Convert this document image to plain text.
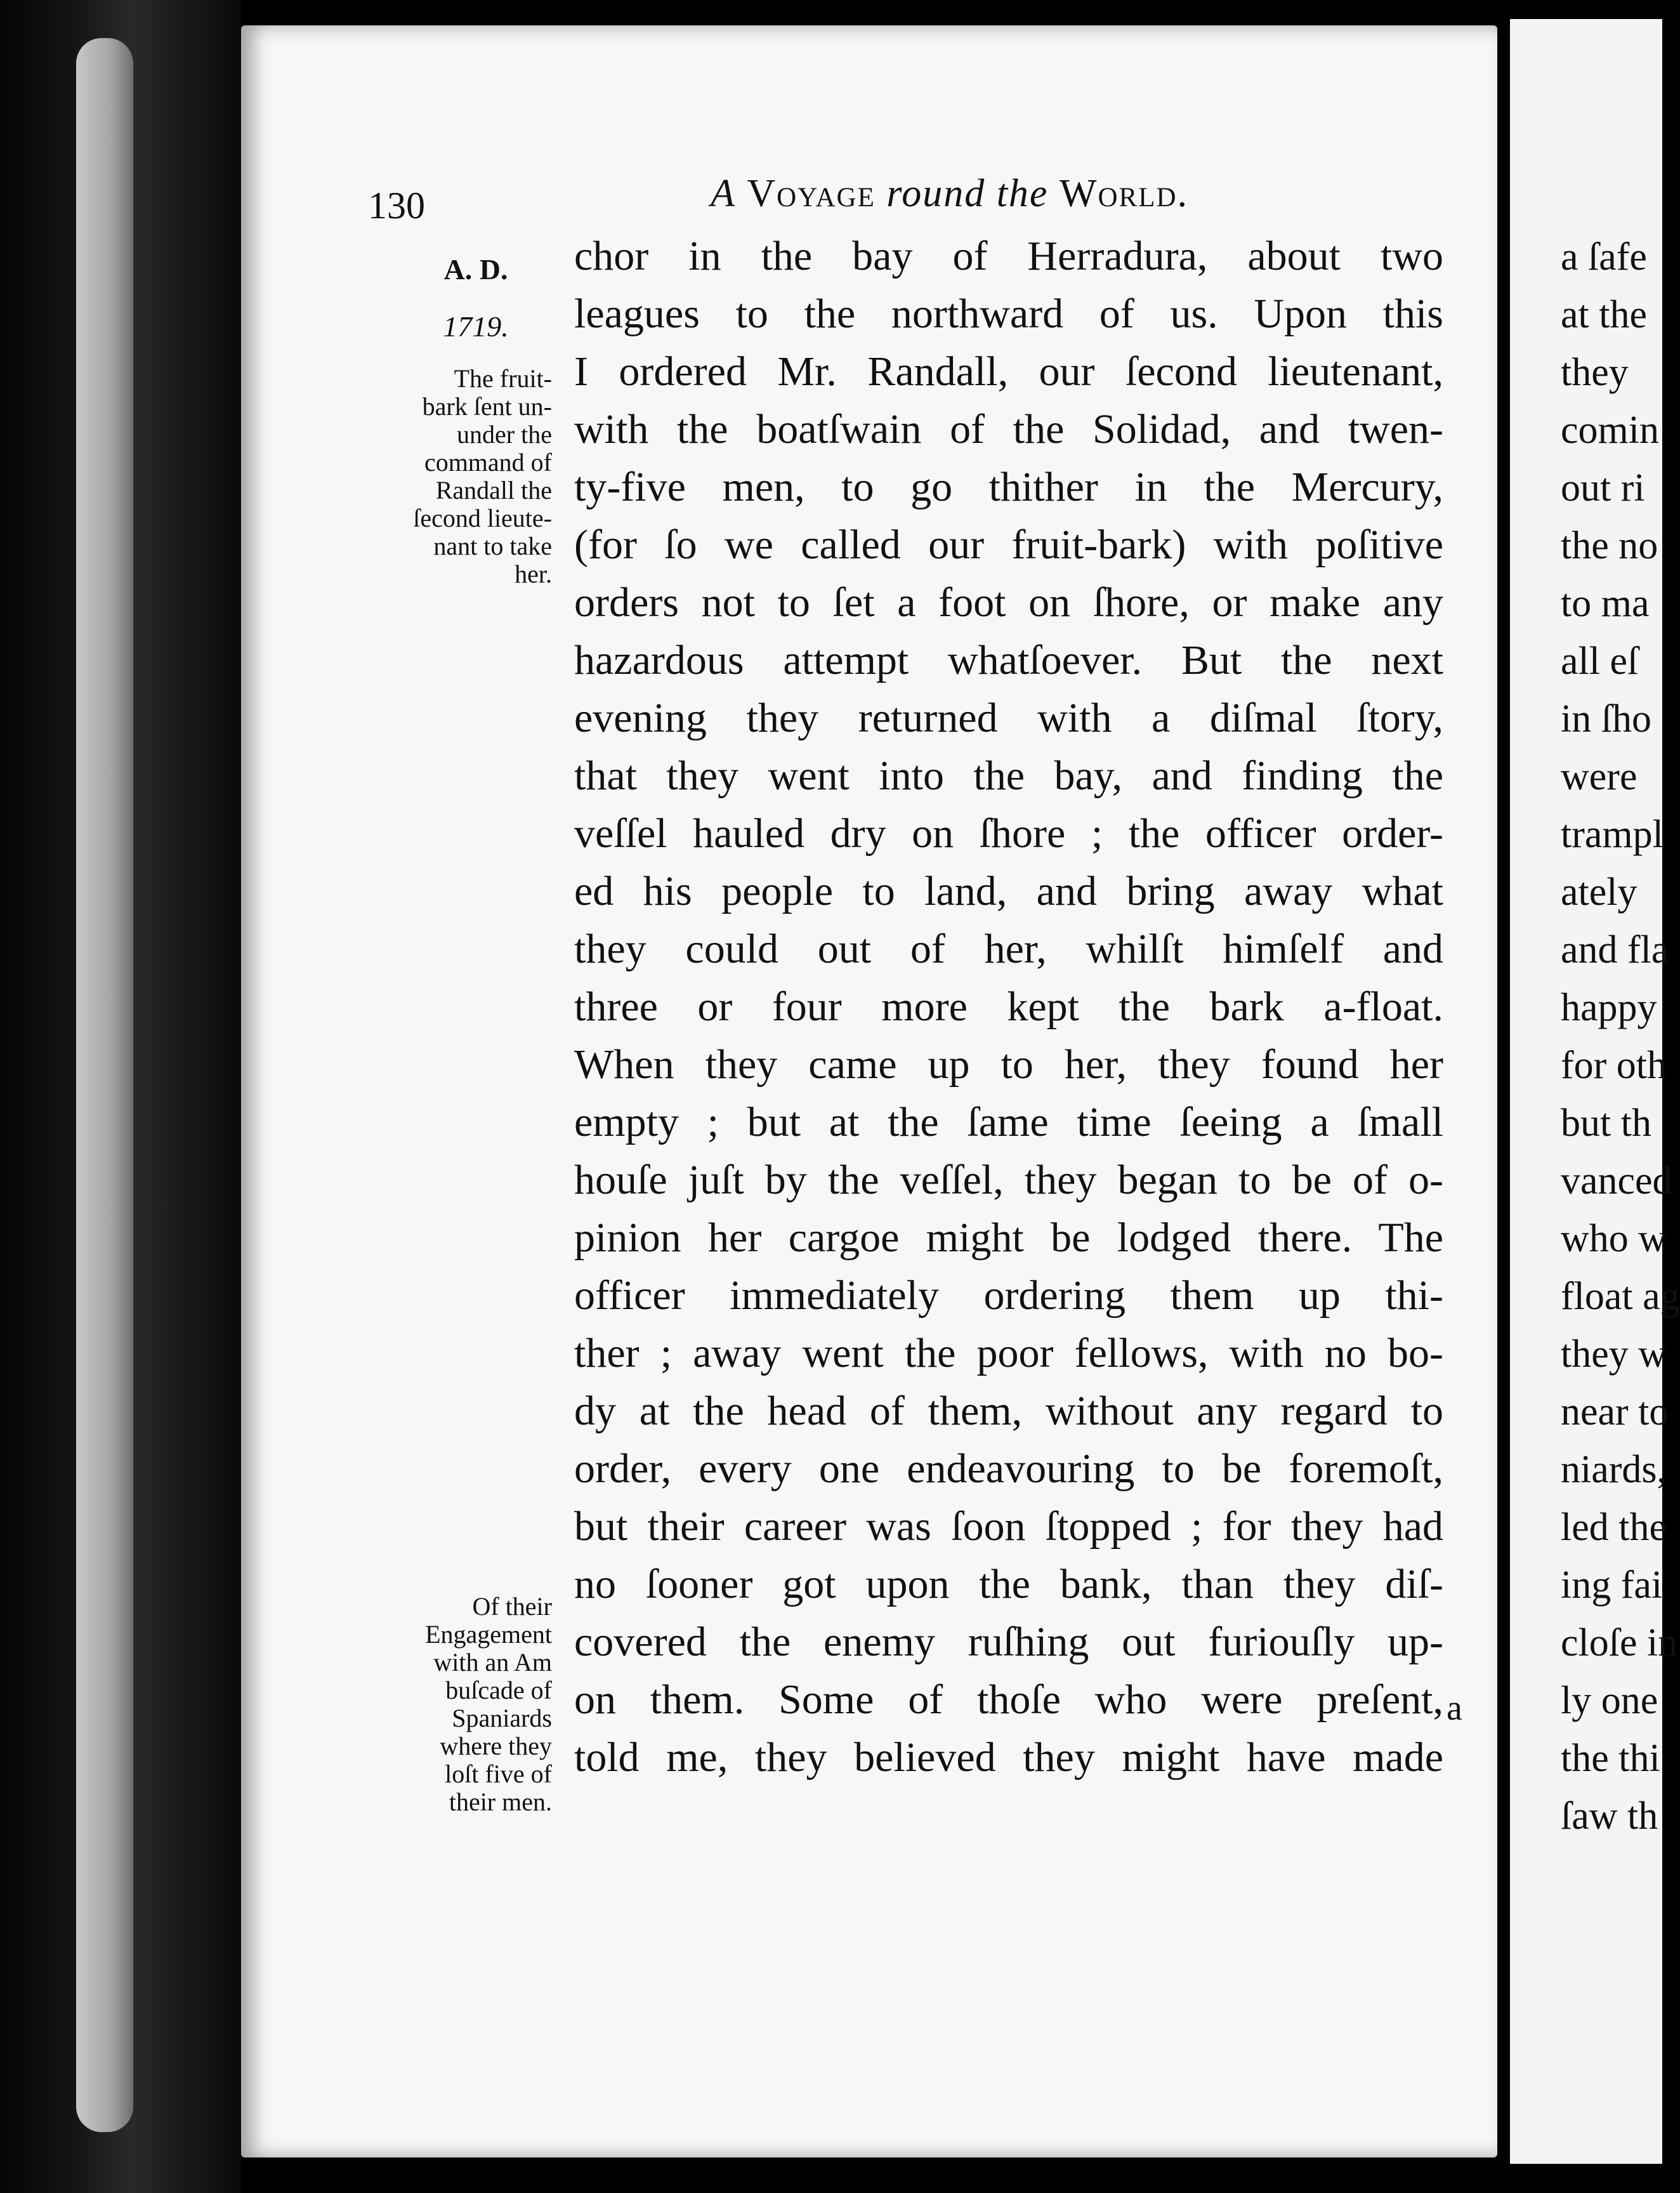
130	A Voyage round the World.
A. D.
1719.
The fruit-
bark ſent un-
under the
command of
Randall the
ſecond lieute-
nant to take
her.
Of their
Engagement
with an Am
buſcade of
Spaniards
where they
loſt five of
their men.
chor in the bay of Herradura, about two
leagues to the northward of us. Upon this
I ordered Mr. Randall, our ſecond lieutenant,
with the boatſwain of the Solidad, and twen-
ty-five men, to go thither in the Mercury,
(for ſo we called our fruit-bark) with poſitive
orders not to ſet a foot on ſhore, or make any
hazardous attempt whatſoever. But the next
evening they returned with a diſmal ſtory,
that they went into the bay, and finding the
veſſel hauled dry on ſhore ; the officer order-
ed his people to land, and bring away what
they could out of her, whilſt himſelf and
three or four more kept the bark a-float.
When they came up to her, they found her
empty ; but at the ſame time ſeeing a ſmall
houſe juſt by the veſſel, they began to be of o-
pinion her cargoe might be lodged there. The
officer immediately ordering them up thi-
ther ; away went the poor fellows, with no bo-
dy at the head of them, without any regard to
order, every one endeavouring to be foremoſt,
but their career was ſoon ſtopped ; for they had
no ſooner got upon the bank, than they diſ-
covered the enemy ruſhing out furiouſly up-
on them. Some of thoſe who were preſent,
told me, they believed they might have made
a
a ſafe
at the
they
comin
out ri
the no
to ma
all eſ
in ſho
were
trampl
ately
and fla
happy
for oth
but th
vanced
who w
float ag
they w
near to
niards,
led the
ing fai
cloſe in
ly one
the thi
ſaw th
